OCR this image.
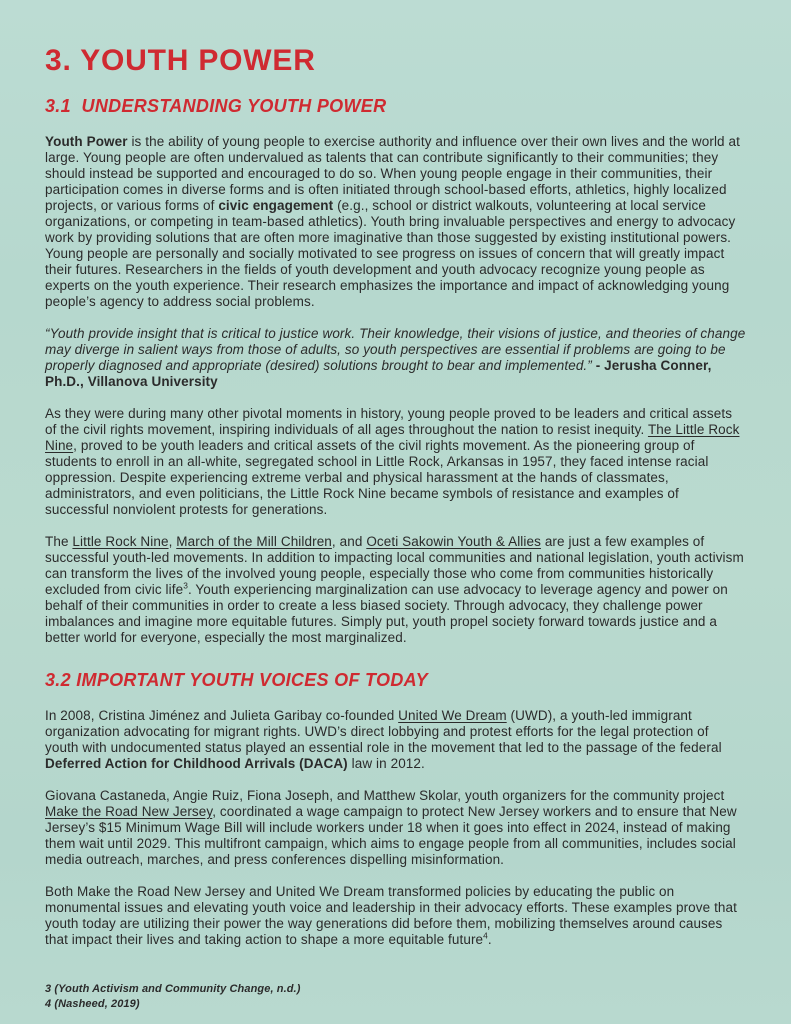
3. YOUTH POWER
3.1  UNDERSTANDING YOUTH POWER

Youth Power is the ability of young people to exercise authority and influence over their own lives and the world at large. Young people are often undervalued as talents that can contribute significantly to their communities; they should instead be supported and encouraged to do so. When young people engage in their communities, their participation comes in diverse forms and is often initiated through school-based efforts, athletics, highly localized projects, or various forms of civic engagement (e.g., school or district walkouts, volunteering at local service organizations, or competing in team-based athletics). Youth bring invaluable perspectives and energy to advocacy work by providing solutions that are often more imaginative than those suggested by existing institutional powers. Young people are personally and socially motivated to see progress on issues of concern that will greatly impact their futures. Researchers in the fields of youth development and youth advocacy recognize young people as experts on the youth experience. Their research emphasizes the importance and impact of acknowledging young people’s agency to address social problems.

“Youth provide insight that is critical to justice work. Their knowledge, their visions of justice, and theories of change may diverge in salient ways from those of adults, so youth perspectives are essential if problems are going to be properly diagnosed and appropriate (desired) solutions brought to bear and implemented.” - Jerusha Conner, Ph.D., Villanova University

As they were during many other pivotal moments in history, young people proved to be leaders and critical assets of the civil rights movement, inspiring individuals of all ages throughout the nation to resist inequity. The Little Rock Nine, proved to be youth leaders and critical assets of the civil rights movement. As the pioneering group of students to enroll in an all-white, segregated school in Little Rock, Arkansas in 1957, they faced intense racial oppression. Despite experiencing extreme verbal and physical harassment at the hands of classmates, administrators, and even politicians, the Little Rock Nine became symbols of resistance and examples of successful nonviolent protests for generations.

The Little Rock Nine, March of the Mill Children, and Oceti Sakowin Youth & Allies are just a few examples of successful youth-led movements. In addition to impacting local communities and national legislation, youth activism can transform the lives of the involved young people, especially those who come from communities historically excluded from civic life$^3$. Youth experiencing marginalization can use advocacy to leverage agency and power on behalf of their communities in order to create a less biased society. Through advocacy, they challenge power imbalances and imagine more equitable futures. Simply put, youth propel society forward towards justice and a better world for everyone, especially the most marginalized.

3.2 IMPORTANT YOUTH VOICES OF TODAY

In 2008, Cristina Jiménez and Julieta Garibay co-founded United We Dream (UWD), a youth-led immigrant organization advocating for migrant rights. UWD’s direct lobbying and protest efforts for the legal protection of youth with undocumented status played an essential role in the movement that led to the passage of the federal Deferred Action for Childhood Arrivals (DACA) law in 2012.

Giovana Castaneda, Angie Ruiz, Fiona Joseph, and Matthew Skolar, youth organizers for the community project Make the Road New Jersey, coordinated a wage campaign to protect New Jersey workers and to ensure that New Jersey’s $15 Minimum Wage Bill will include workers under 18 when it goes into effect in 2024, instead of making them wait until 2029. This multifront campaign, which aims to engage people from all communities, includes social media outreach, marches, and press conferences dispelling misinformation.

Both Make the Road New Jersey and United We Dream transformed policies by educating the public on monumental issues and elevating youth voice and leadership in their advocacy efforts. These examples prove that youth today are utilizing their power the way generations did before them, mobilizing themselves around causes that impact their lives and taking action to shape a more equitable future$^4$.

3 (Youth Activism and Community Change, n.d.)

4 (Nasheed, 2019)
